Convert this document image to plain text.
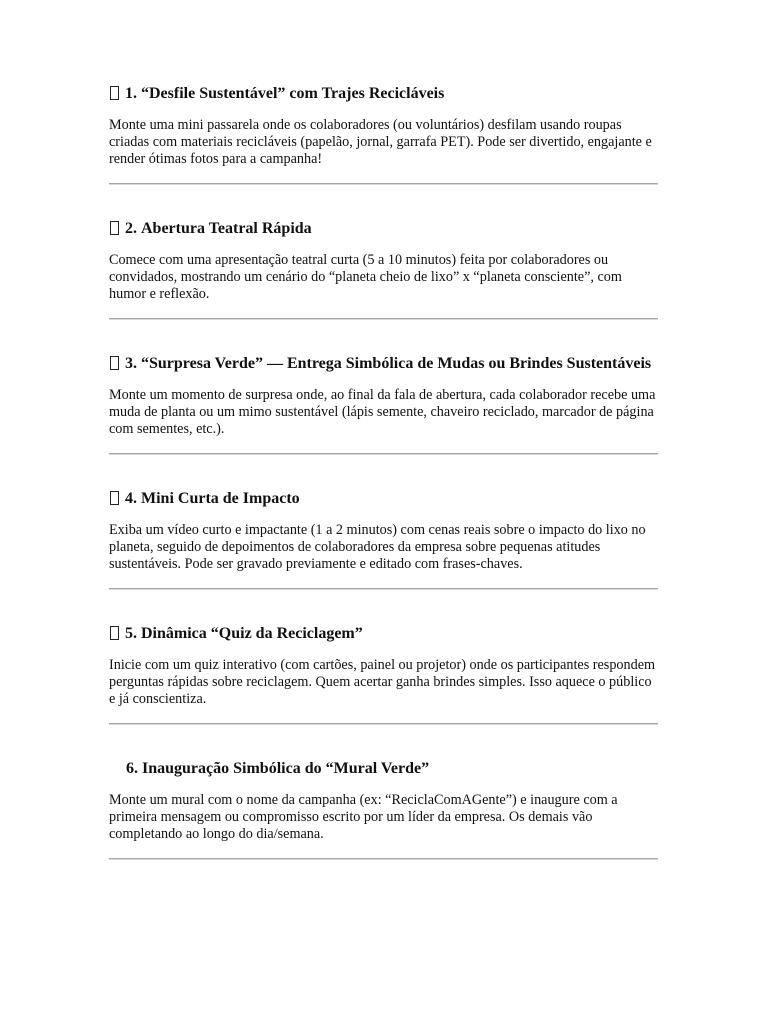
1.
“Desfile Sustentável” com Trajes Recicláveis

Monte uma mini passarela onde os colaboradores (ou voluntários) desfilam usando roupas criadas com materiais recicláveis (papelão, jornal, garrafa PET). Pode ser divertido, engajante e render ótimas fotos para a campanha!

2.
Abertura Teatral Rápida

Comece com uma apresentação teatral curta (5 a 10 minutos) feita por colaboradores ou convidados, mostrando um cenário do “planeta cheio de lixo” x “planeta consciente”, com humor e reflexão.

3. “Surpresa Verde” — Entrega Simbólica de Mudas ou Brindes Sustentáveis

Monte um momento de surpresa onde, ao final da fala de abertura, cada colaborador recebe uma muda de planta ou um mimo sustentável (lápis semente, chaveiro reciclado, marcador de página com sementes, etc.).

4.
Mini Curta de Impacto

Exiba um vídeo curto e impactante (1 a 2 minutos) com cenas reais sobre o impacto do lixo no planeta, seguido de depoimentos de colaboradores da empresa sobre pequenas atitudes sustentáveis. Pode ser gravado previamente e editado com frases-chaves.

5.
Dinâmica “Quiz da Reciclagem”

Inicie com um quiz interativo (com cartões, painel ou projetor) onde os participantes respondem perguntas rápidas sobre reciclagem. Quem acertar ganha brindes simples. Isso aquece o público e já conscientiza.

6.
Inauguração Simbólica do “Mural Verde”

Monte um mural com o nome da campanha (ex: “ReciclaComAGente”) e inaugure com a primeira mensagem ou compromisso escrito por um líder da empresa. Os demais vão completando ao longo do dia/semana.
